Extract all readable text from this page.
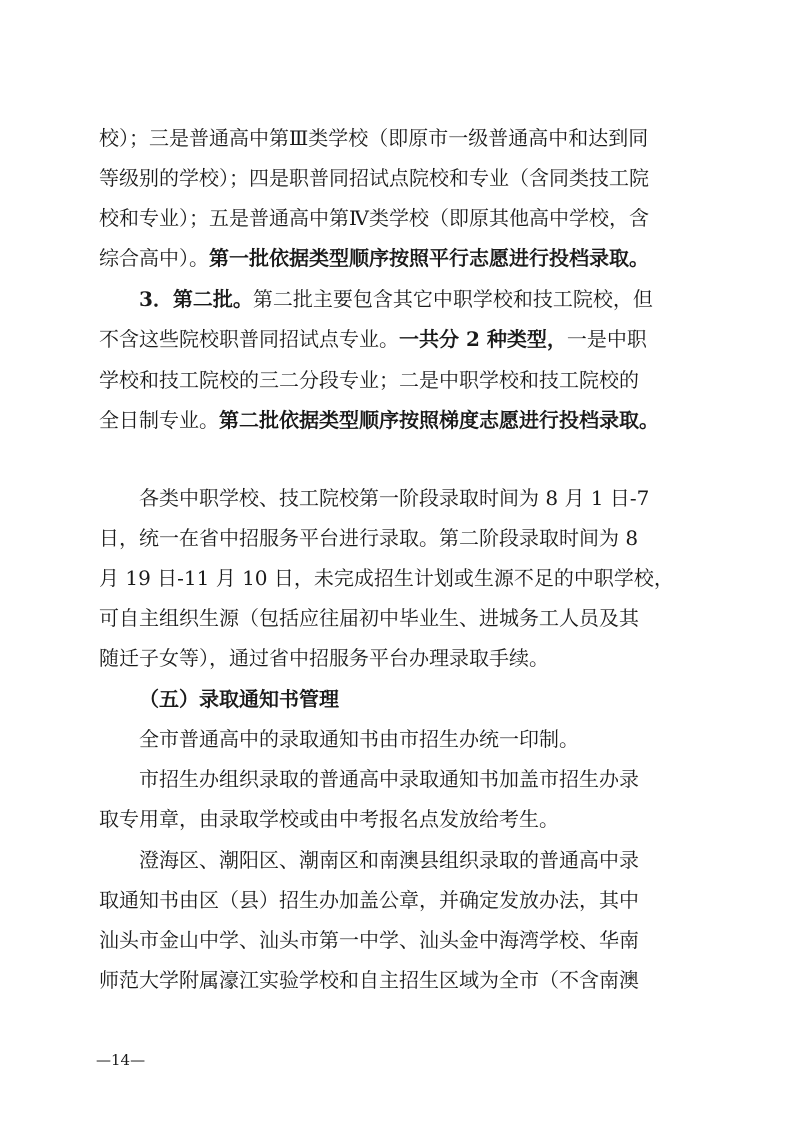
校）；三是普通高中第Ⅲ类学校（即原市一级普通高中和达到同
等级别的学校）；四是职普同招试点院校和专业（含同类技工院
校和专业）；五是普通高中第Ⅳ类学校（即原其他高中学校，含
综合高中）。第一批依据类型顺序按照平行志愿进行投档录取。
3．第二批。第二批主要包含其它中职学校和技工院校，但
不含这些院校职普同招试点专业。一共分 2 种类型，一是中职
学校和技工院校的三二分段专业；二是中职学校和技工院校的
全日制专业。第二批依据类型顺序按照梯度志愿进行投档录取。
各类中职学校、技工院校第一阶段录取时间为 8 月 1 日-7
日，统一在省中招服务平台进行录取。第二阶段录取时间为 8
月 19 日-11 月 10 日，未完成招生计划或生源不足的中职学校，
可自主组织生源（包括应往届初中毕业生、进城务工人员及其
随迁子女等），通过省中招服务平台办理录取手续。
（五）录取通知书管理
全市普通高中的录取通知书由市招生办统一印制。
市招生办组织录取的普通高中录取通知书加盖市招生办录
取专用章，由录取学校或由中考报名点发放给考生。
澄海区、潮阳区、潮南区和南澳县组织录取的普通高中录
取通知书由区（县）招生办加盖公章，并确定发放办法，其中
汕头市金山中学、汕头市第一中学、汕头金中海湾学校、华南
师范大学附属濠江实验学校和自主招生区域为全市（不含南澳
—14—
